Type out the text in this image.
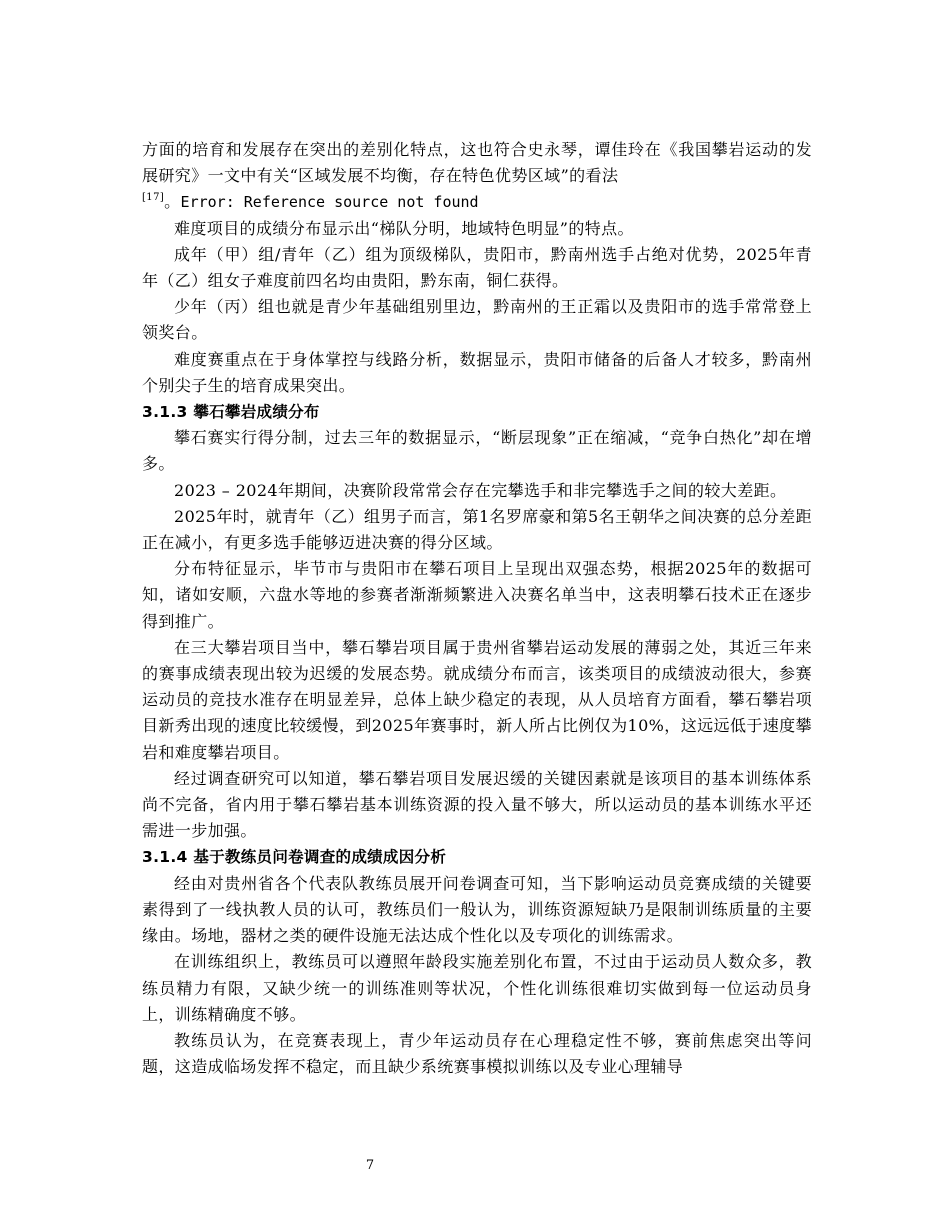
方面的培育和发展存在突出的差别化特点，这也符合史永琴，谭佳玲在《我国攀岩运动的发展研究》一文中有关“区域发展不均衡，存在特色优势区域”的看法

[17]。Error: Reference source not found

难度项目的成绩分布显示出“梯队分明，地域特色明显”的特点。

成年（甲）组/青年（乙）组为顶级梯队，贵阳市，黔南州选手占绝对优势，2025年青年（乙）组女子难度前四名均由贵阳，黔东南，铜仁获得。

少年（丙）组也就是青少年基础组别里边，黔南州的王正霜以及贵阳市的选手常常登上领奖台。

难度赛重点在于身体掌控与线路分析，数据显示，贵阳市储备的后备人才较多，黔南州个别尖子生的培育成果突出。

3.1.3 攀石攀岩成绩分布

攀石赛实行得分制，过去三年的数据显示，“断层现象”正在缩减，“竞争白热化”却在增多。

2023 – 2024年期间，决赛阶段常常会存在完攀选手和非完攀选手之间的较大差距。

2025年时，就青年（乙）组男子而言，第1名罗席豪和第5名王朝华之间决赛的总分差距正在减小，有更多选手能够迈进决赛的得分区域。

分布特征显示，毕节市与贵阳市在攀石项目上呈现出双强态势，根据2025年的数据可知，诸如安顺，六盘水等地的参赛者渐渐频繁进入决赛名单当中，这表明攀石技术正在逐步得到推广。

在三大攀岩项目当中，攀石攀岩项目属于贵州省攀岩运动发展的薄弱之处，其近三年来的赛事成绩表现出较为迟缓的发展态势。就成绩分布而言，该类项目的成绩波动很大，参赛运动员的竞技水准存在明显差异，总体上缺少稳定的表现，从人员培育方面看，攀石攀岩项目新秀出现的速度比较缓慢，到2025年赛事时，新人所占比例仅为10%，这远远低于速度攀岩和难度攀岩项目。

经过调查研究可以知道，攀石攀岩项目发展迟缓的关键因素就是该项目的基本训练体系尚不完备，省内用于攀石攀岩基本训练资源的投入量不够大，所以运动员的基本训练水平还需进一步加强。

3.1.4 基于教练员问卷调查的成绩成因分析

经由对贵州省各个代表队教练员展开问卷调查可知，当下影响运动员竞赛成绩的关键要素得到了一线执教人员的认可，教练员们一般认为，训练资源短缺乃是限制训练质量的主要缘由。场地，器材之类的硬件设施无法达成个性化以及专项化的训练需求。

在训练组织上，教练员可以遵照年龄段实施差别化布置，不过由于运动员人数众多，教练员精力有限，又缺少统一的训练准则等状况，个性化训练很难切实做到每一位运动员身上，训练精确度不够。

教练员认为，在竞赛表现上，青少年运动员存在心理稳定性不够，赛前焦虑突出等问题，这造成临场发挥不稳定，而且缺少系统赛事模拟训练以及专业心理辅导

7
